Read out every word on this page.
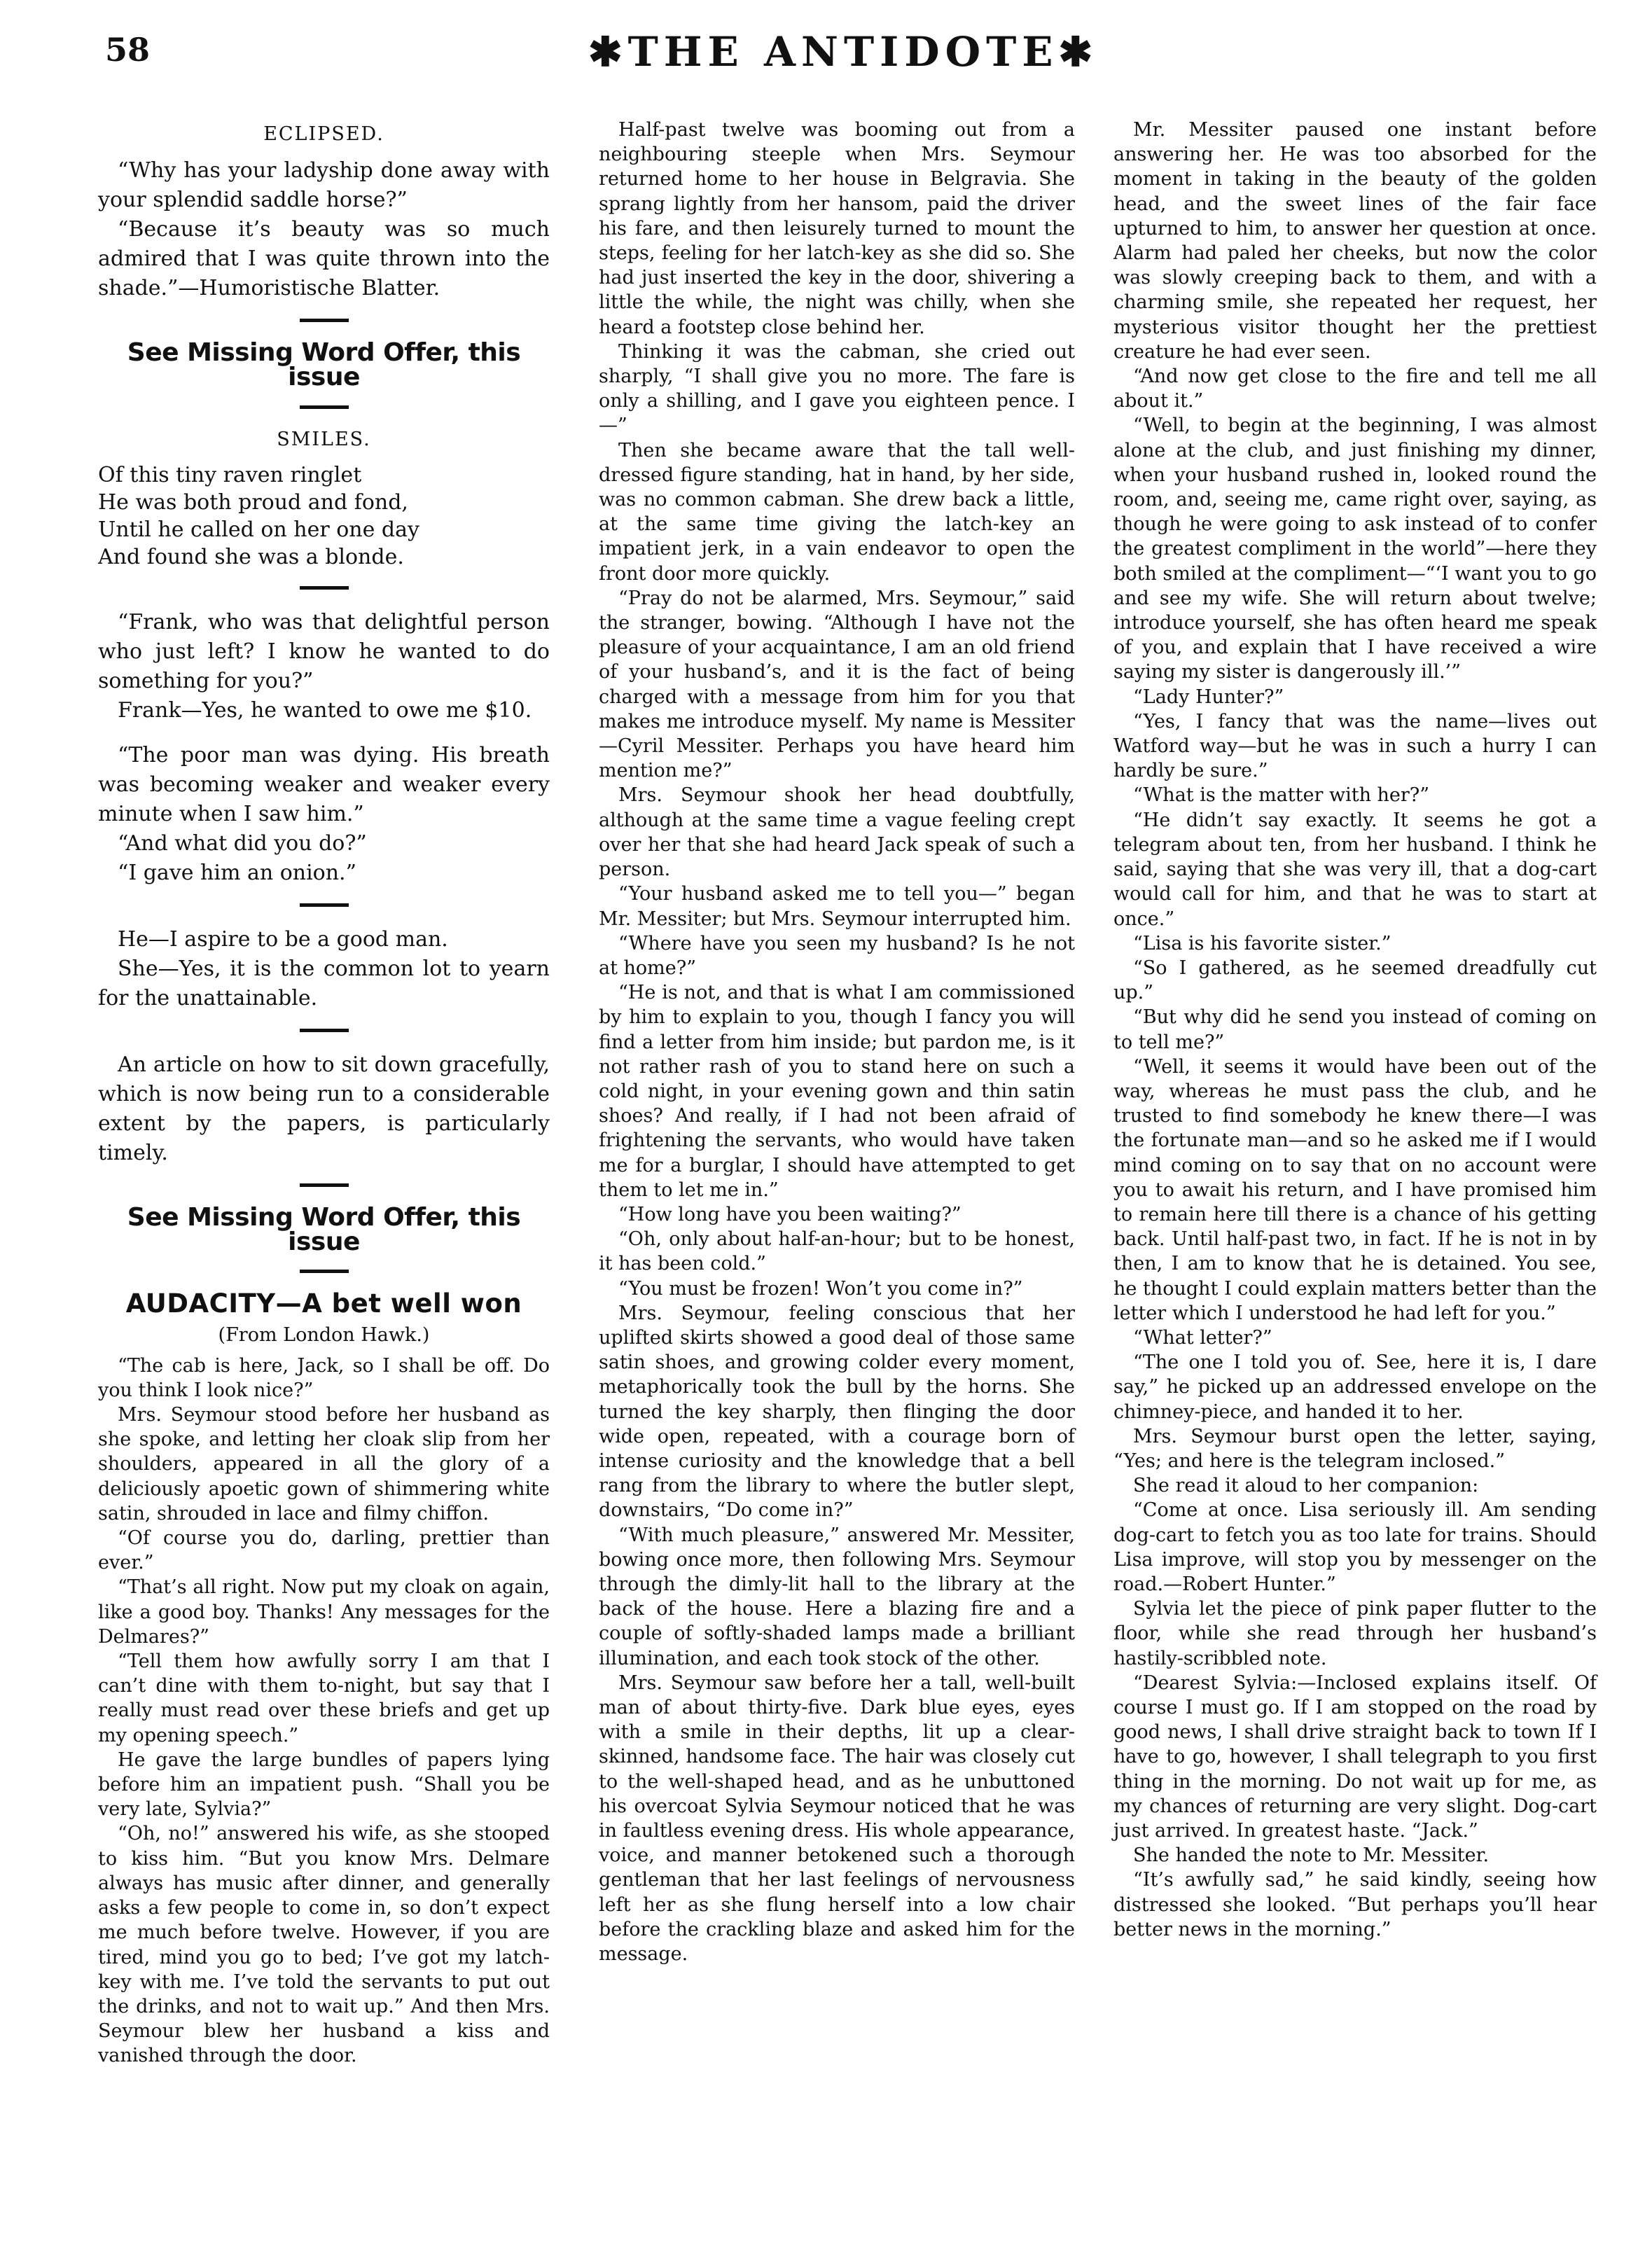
58	✱THE ANTIDOTE✱

ECLIPSED.

“Why has your ladyship done away with your splendid saddle horse?”

“Because it’s beauty was so much admired that I was quite thrown into the shade.”—Humoristische Blatter.

See Missing Word Offer, this issue

SMILES.

Of this tiny raven ringlet

He was both proud and fond,

Until he called on her one day

And found she was a blonde.

“Frank, who was that delightful person who just left? I know he wanted to do something for you?”

Frank—Yes, he wanted to owe me $10.

“The poor man was dying. His breath was becoming weaker and weaker every minute when I saw him.”

“And what did you do?”

“I gave him an onion.”

He—I aspire to be a good man.

She—Yes, it is the common lot to yearn for the unattainable.

An article on how to sit down gracefully, which is now being run to a considerable extent by the papers, is particularly timely.

See Missing Word Offer, this issue

AUDACITY—A bet well won

(From London Hawk.)

“The cab is here, Jack, so I shall be off. Do you think I look nice?”

Mrs. Seymour stood before her husband as she spoke, and letting her cloak slip from her shoulders, appeared in all the glory of a deliciously apoetic gown of shimmering white satin, shrouded in lace and filmy chiffon.

“Of course you do, darling, prettier than ever.”

“That’s all right. Now put my cloak on again, like a good boy. Thanks! Any messages for the Delmares?”

“Tell them how awfully sorry I am that I can’t dine with them to-night, but say that I really must read over these briefs and get up my opening speech.”

He gave the large bundles of papers lying before him an impatient push. “Shall you be very late, Sylvia?”

“Oh, no!” answered his wife, as she stooped to kiss him. “But you know Mrs. Delmare always has music after dinner, and generally asks a few people to come in, so don’t expect me much before twelve. However, if you are tired, mind you go to bed; I’ve got my latch-key with me. I’ve told the servants to put out the drinks, and not to wait up.” And then Mrs. Seymour blew her husband a kiss and vanished through the door.

Half-past twelve was booming out from a neighbouring steeple when Mrs. Seymour returned home to her house in Belgravia. She sprang lightly from her hansom, paid the driver his fare, and then leisurely turned to mount the steps, feeling for her latch-key as she did so. She had just inserted the key in the door, shivering a little the while, the night was chilly, when she heard a footstep close behind her.

Thinking it was the cabman, she cried out sharply, “I shall give you no more. The fare is only a shilling, and I gave you eighteen pence. I—”

Then she became aware that the tall well-dressed figure standing, hat in hand, by her side, was no common cabman. She drew back a little, at the same time giving the latch-key an impatient jerk, in a vain endeavor to open the front door more quickly.

“Pray do not be alarmed, Mrs. Seymour,” said the stranger, bowing. “Although I have not the pleasure of your acquaintance, I am an old friend of your husband’s, and it is the fact of being charged with a message from him for you that makes me introduce myself. My name is Messiter—Cyril Messiter. Perhaps you have heard him mention me?”

Mrs. Seymour shook her head doubtfully, although at the same time a vague feeling crept over her that she had heard Jack speak of such a person.

“Your husband asked me to tell you—” began Mr. Messiter; but Mrs. Seymour interrupted him.

“Where have you seen my husband? Is he not at home?”

“He is not, and that is what I am commissioned by him to explain to you, though I fancy you will find a letter from him inside; but pardon me, is it not rather rash of you to stand here on such a cold night, in your evening gown and thin satin shoes? And really, if I had not been afraid of frightening the servants, who would have taken me for a burglar, I should have attempted to get them to let me in.”

“How long have you been waiting?”

“Oh, only about half-an-hour; but to be honest, it has been cold.”

“You must be frozen! Won’t you come in?”

Mrs. Seymour, feeling conscious that her uplifted skirts showed a good deal of those same satin shoes, and growing colder every moment, metaphorically took the bull by the horns. She turned the key sharply, then flinging the door wide open, repeated, with a courage born of intense curiosity and the knowledge that a bell rang from the library to where the butler slept, downstairs, “Do come in?”

“With much pleasure,” answered Mr. Messiter, bowing once more, then following Mrs. Seymour through the dimly-lit hall to the library at the back of the house. Here a blazing fire and a couple of softly-shaded lamps made a brilliant illumination, and each took stock of the other.

Mrs. Seymour saw before her a tall, well-built man of about thirty-five. Dark blue eyes, eyes with a smile in their depths, lit up a clear-skinned, handsome face. The hair was closely cut to the well-shaped head, and as he unbuttoned his overcoat Sylvia Seymour noticed that he was in faultless evening dress. His whole appearance, voice, and manner betokened such a thorough gentleman that her last feelings of nervousness left her as she flung herself into a low chair before the crackling blaze and asked him for the message.

Mr. Messiter paused one instant before answering her. He was too absorbed for the moment in taking in the beauty of the golden head, and the sweet lines of the fair face upturned to him, to answer her question at once. Alarm had paled her cheeks, but now the color was slowly creeping back to them, and with a charming smile, she repeated her request, her mysterious visitor thought her the prettiest creature he had ever seen.

“And now get close to the fire and tell me all about it.”

“Well, to begin at the beginning, I was almost alone at the club, and just finishing my dinner, when your husband rushed in, looked round the room, and, seeing me, came right over, saying, as though he were going to ask instead of to confer the greatest compliment in the world”—here they both smiled at the compliment—“‘I want you to go and see my wife. She will return about twelve; introduce yourself, she has often heard me speak of you, and explain that I have received a wire saying my sister is dangerously ill.’”

“Lady Hunter?”

“Yes, I fancy that was the name—lives out Watford way—but he was in such a hurry I can hardly be sure.”

“What is the matter with her?”

“He didn’t say exactly. It seems he got a telegram about ten, from her husband. I think he said, saying that she was very ill, that a dog-cart would call for him, and that he was to start at once.”

“Lisa is his favorite sister.”

“So I gathered, as he seemed dreadfully cut up.”

“But why did he send you instead of coming on to tell me?”

“Well, it seems it would have been out of the way, whereas he must pass the club, and he trusted to find somebody he knew there—I was the fortunate man—and so he asked me if I would mind coming on to say that on no account were you to await his return, and I have promised him to remain here till there is a chance of his getting back. Until half-past two, in fact. If he is not in by then, I am to know that he is detained. You see, he thought I could explain matters better than the letter which I understood he had left for you.”

“What letter?”

“The one I told you of. See, here it is, I dare say,” he picked up an addressed envelope on the chimney-piece, and handed it to her.

Mrs. Seymour burst open the letter, saying, “Yes; and here is the telegram inclosed.”

She read it aloud to her companion:

“Come at once. Lisa seriously ill. Am sending dog-cart to fetch you as too late for trains. Should Lisa improve, will stop you by messenger on the road.—Robert Hunter.”

Sylvia let the piece of pink paper flutter to the floor, while she read through her husband’s hastily-scribbled note.

“Dearest Sylvia:—Inclosed explains itself. Of course I must go. If I am stopped on the road by good news, I shall drive straight back to town If I have to go, however, I shall telegraph to you first thing in the morning. Do not wait up for me, as my chances of returning are very slight. Dog-cart just arrived. In greatest haste. “Jack.”

She handed the note to Mr. Messiter.

“It’s awfully sad,” he said kindly, seeing how distressed she looked. “But perhaps you’ll hear better news in the morning.”
